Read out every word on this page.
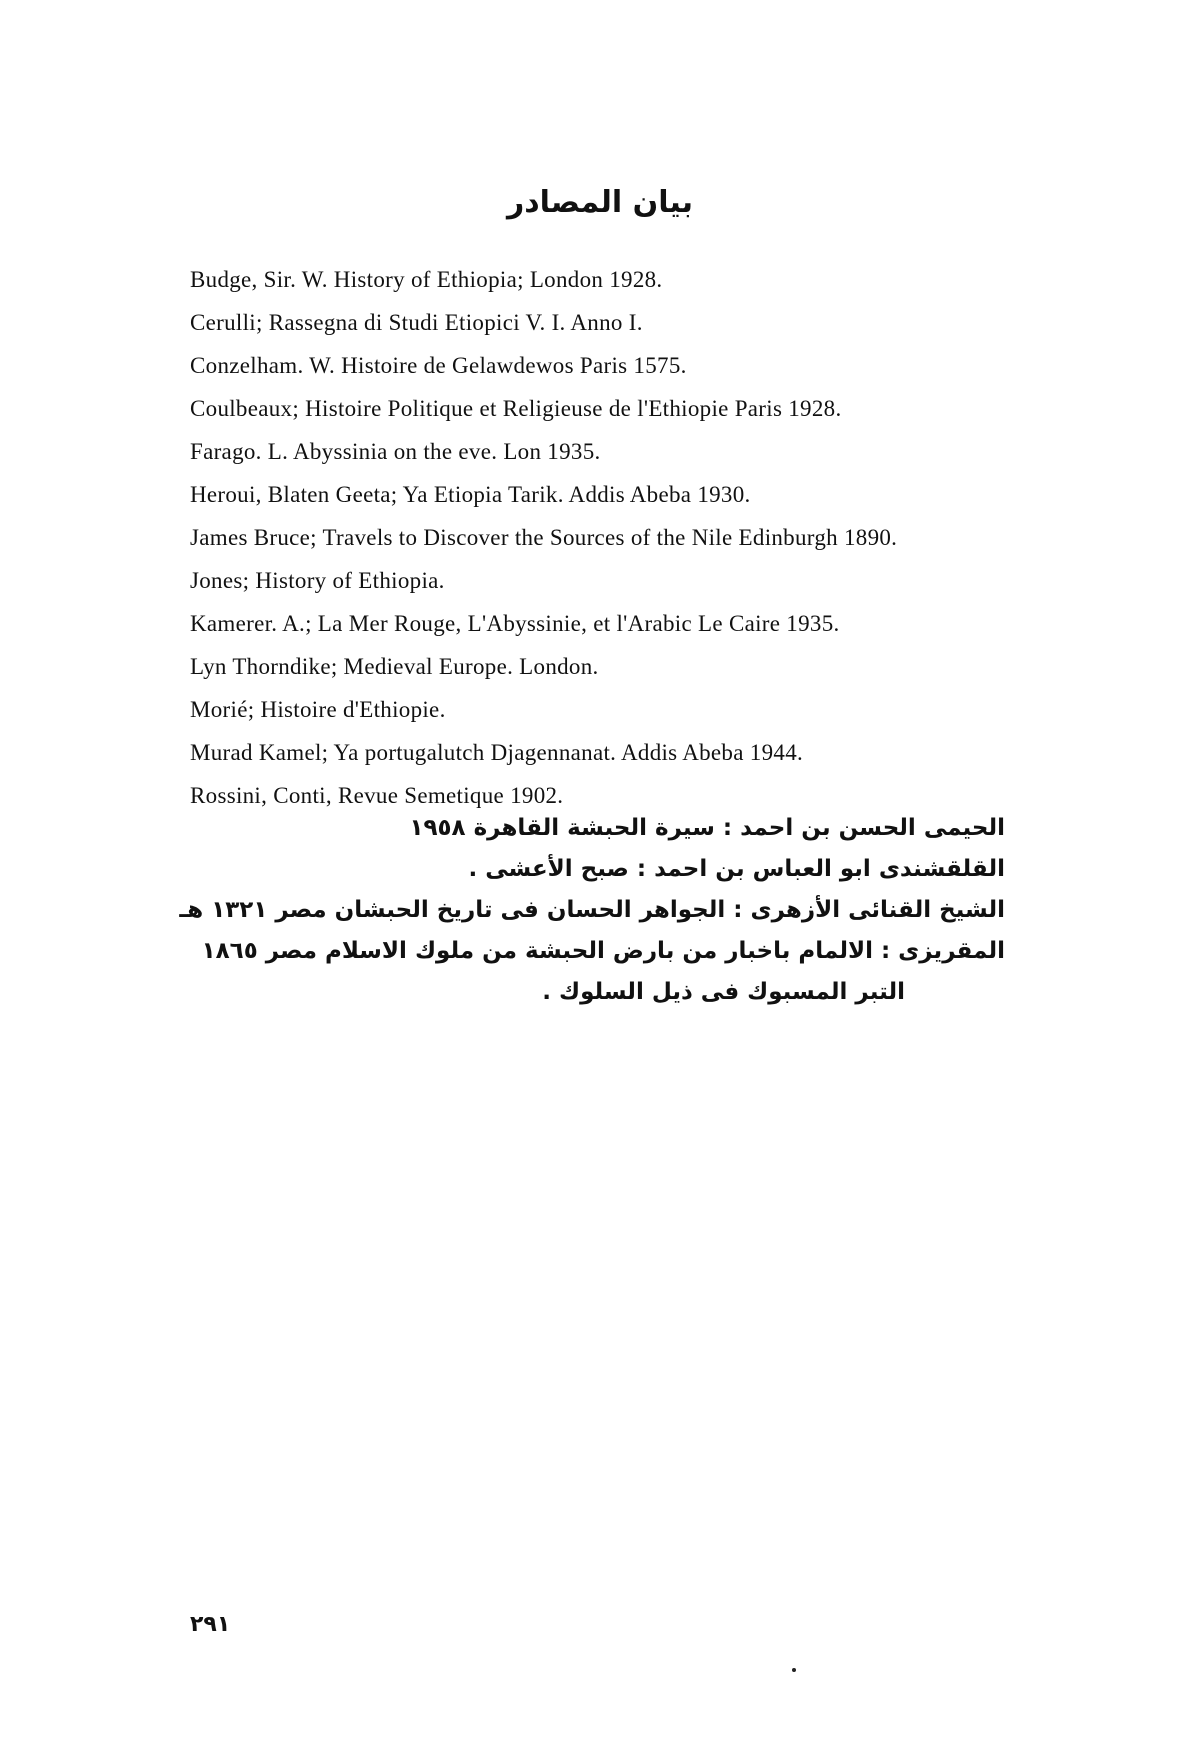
بيان المصادر
Budge, Sir. W. History of Ethiopia; London 1928.
Cerulli; Rassegna di Studi Etiopici V. I. Anno I.
Conzelham. W. Histoire de Gelawdewos Paris 1575.
Coulbeaux; Histoire Politique et Religieuse de l'Ethiopie Paris 1928.
Farago. L. Abyssinia on the eve. Lon 1935.
Heroui, Blaten Geeta; Ya Etiopia Tarik. Addis Abeba 1930.
James Bruce; Travels to Discover the Sources of the Nile Edinburgh 1890.
Jones; History of Ethiopia.
Kamerer. A.; La Mer Rouge, L'Abyssinie, et l'Arabic Le Caire 1935.
Lyn Thorndike; Medieval Europe. London.
Morié; Histoire d'Ethiopie.
Murad Kamel; Ya portugalutch Djagennanat. Addis Abeba 1944.
Rossini, Conti, Revue Semetique 1902.
الحيمى الحسن بن احمد : سيرة الحبشة القاهرة ١٩٥٨
القلقشندى ابو العباس بن احمد : صبح الأعشى .
الشيخ القنائى الأزهرى : الجواهر الحسان فى تاريخ الحبشان مصر ١٣٢١ هـ
المقريزى : الالمام باخبار من بارض الحبشة من ملوك الاسلام مصر ١٨٦٥
التبر المسبوك فى ذيل السلوك .
٢٩١
